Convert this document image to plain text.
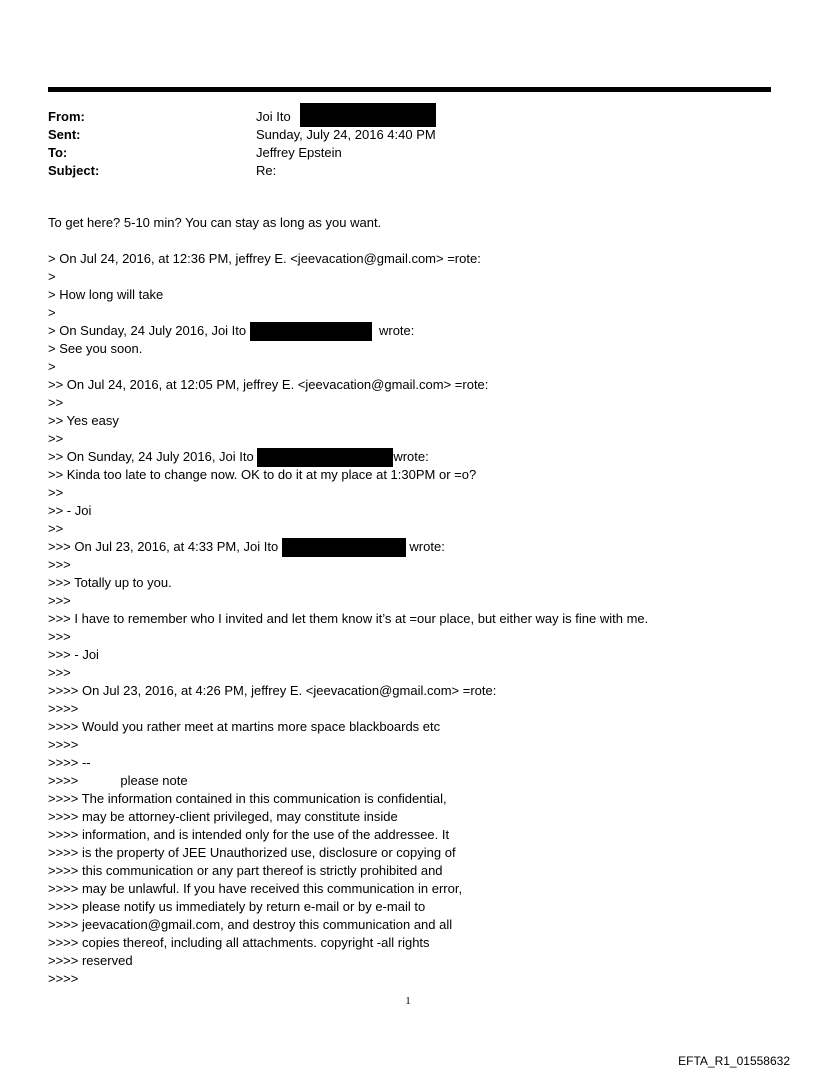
From:	Joi Ito
Sent:	Sunday, July 24, 2016 4:40 PM
To:	Jeffrey Epstein
Subject:	Re:
To get here? 5-10 min? You can stay as long as you want.
> On Jul 24, 2016, at 12:36 PM, jeffrey E. <jeevacation@gmail.com> =rote:
>
> How long will take
>
> On Sunday, 24 July 2016, Joi Ito	wrote:
> See you soon.
>
>> On Jul 24, 2016, at 12:05 PM, jeffrey E. <jeevacation@gmail.com> =rote:
>>
>> Yes easy
>>
>> On Sunday, 24 July 2016, Joi Ito	wrote:
>> Kinda too late to change now. OK to do it at my place at 1:30PM or =o?
>>
>> - Joi
>>
>>> On Jul 23, 2016, at 4:33 PM, Joi Ito	wrote:
>>>
>>> Totally up to you.
>>>
>>> I have to remember who I invited and let them know it’s at =our place, but either way is fine with me.
>>>
>>> - Joi
>>>
>>>> On Jul 23, 2016, at 4:26 PM, jeffrey E. <jeevacation@gmail.com> =rote:
>>>>
>>>> Would you rather meet at martins more space blackboards etc
>>>>
>>>> --
>>>>	please note
>>>> The information contained in this communication is confidential,
>>>> may be attorney-client privileged, may constitute inside
>>>> information, and is intended only for the use of the addressee. It
>>>> is the property of JEE Unauthorized use, disclosure or copying of
>>>> this communication or any part thereof is strictly prohibited and
>>>> may be unlawful. If you have received this communication in error,
>>>> please notify us immediately by return e-mail or by e-mail to
>>>> jeevacation@gmail.com, and destroy this communication and all
>>>> copies thereof, including all attachments. copyright -all rights
>>>> reserved
>>>>
1
EFTA_R1_01558632
